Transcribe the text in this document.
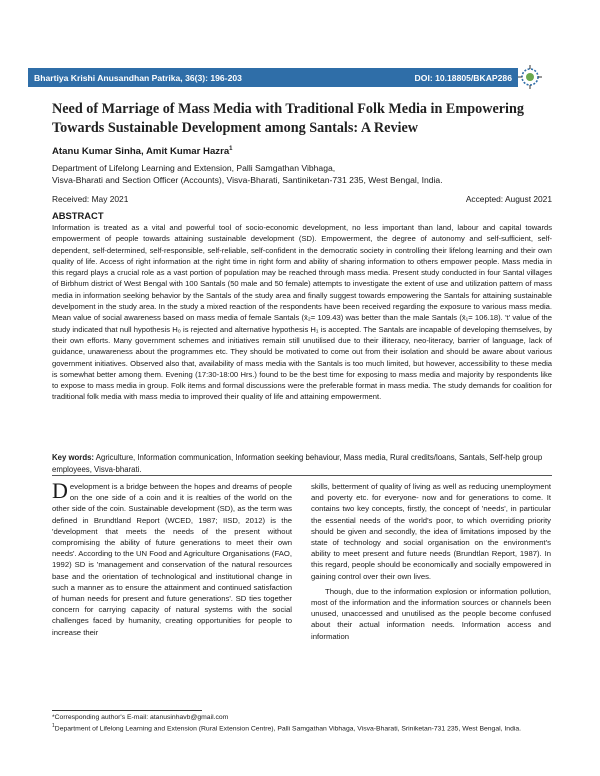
Bhartiya Krishi Anusandhan Patrika, 36(3): 196-203	DOI: 10.18805/BKAP286
Need of Marriage of Mass Media with Traditional Folk Media in Empowering Towards Sustainable Development among Santals: A Review
Atanu Kumar Sinha, Amit Kumar Hazra$^1$
Department of Lifelong Learning and Extension, Palli Samgathan Vibhaga,
Visva-Bharati and Section Officer (Accounts), Visva-Bharati, Santiniketan-731 235, West Bengal, India.
Received: May 2021	Accepted: August 2021
ABSTRACT
Information is treated as a vital and powerful tool of socio-economic development, no less important than land, labour and capital towards empowerment of people towards attaining sustainable development (SD). Empowerment, the degree of autonomy and self-sufficient, self-dependent, self-determined, self-responsible, self-reliable, self-confident in the democratic society in controlling their lifelong learning and their own quality of life. Access of right information at the right time in right form and ability of sharing information to others empower people. Mass media in this regard plays a crucial role as a vast portion of population may be reached through mass media. Present study conducted in four Santal villages of Birbhum district of West Bengal with 100 Santals (50 male and 50 female) attempts to investigate the extent of use and utilization pattern of mass media in information seeking behavior by the Santals of the study area and finally suggest towards empowering the Santals for attaining sustainable develpoment in the study area. In the study a mixed reaction of the respondents have been received regarding the exposure to various mass media. Mean value of social awareness based on mass media of female Santals (x̄₂= 109.43) was better than the male Santals (x̄₁= 106.18). 't' value of the study indicated that null hypothesis H₀ is rejected and alternative hypothesis H₁ is accepted. The Santals are incapable of developing themselves, by their own efforts. Many government schemes and initiatives remain still unutilised due to their illiteracy, neo-literacy, barrier of language, lack of guidance, unawareness about the programmes etc. They should be motivated to come out from their isolation and should be aware about various government initiatives. Observed also that, availability of mass media with the Santals is too much limited, but however, accessibility to these media is somewhat better among them. Evening (17:30-18:00 Hrs.) found to be the best time for exposing to mass media and majority by respondents like to expose to mass media in group. Folk items and formal discussions were the preferable format in mass media. The study demands for coalition for traditional folk media with mass media to improved their quality of life and attaining empowerment.
Key words: Agriculture, Information communication, Information seeking behaviour, Mass media, Rural credits/loans, Santals, Self-help group employees, Visva-bharati.

Development is a bridge between the hopes and dreams of people on the one side of a coin and it is realties of the world on the other side of the coin. Sustainable development (SD), as the term was defined in Brundtland Report (WCED, 1987; IISD, 2012) is the 'development that meets the needs of the present without compromising the ability of future generations to meet their own needs'. According to the UN Food and Agriculture Organisations (FAO, 1992) SD is 'management and conservation of the natural resources base and the orientation of technological and institutional change in such a manner as to ensure the attainment and continued satisfaction of human needs for present and future generations'. SD ties together concern for carrying capacity of natural systems with the social challenges faced by humanity, creating opportunities for people to increase their

skills, betterment of quality of living as well as reducing unemployment and poverty etc. for everyone- now and for generations to come. It contains two key concepts, firstly, the concept of 'needs', in particular the essential needs of the world's poor, to which overriding priority should be given and secondly, the idea of limitations imposed by the state of technology and social organisation on the environment's ability to meet present and future needs (Brundtlan Report, 1987). In this regard, people should be economically and socially empowered in gaining control over their own lives.

Though, due to the information explosion or information pollution, most of the information and the information sources or channels been unused, unaccessed and unutilised as the people become confused about their actual information needs. Information access and information

*Corresponding author's E-mail: atanusinhavb@gmail.com

$^1$Department of Lifelong Learning and Extension (Rural Extension Centre), Palli Samgathan Vibhaga, Visva-Bharati, Sriniketan-731 235, West Bengal, India.
